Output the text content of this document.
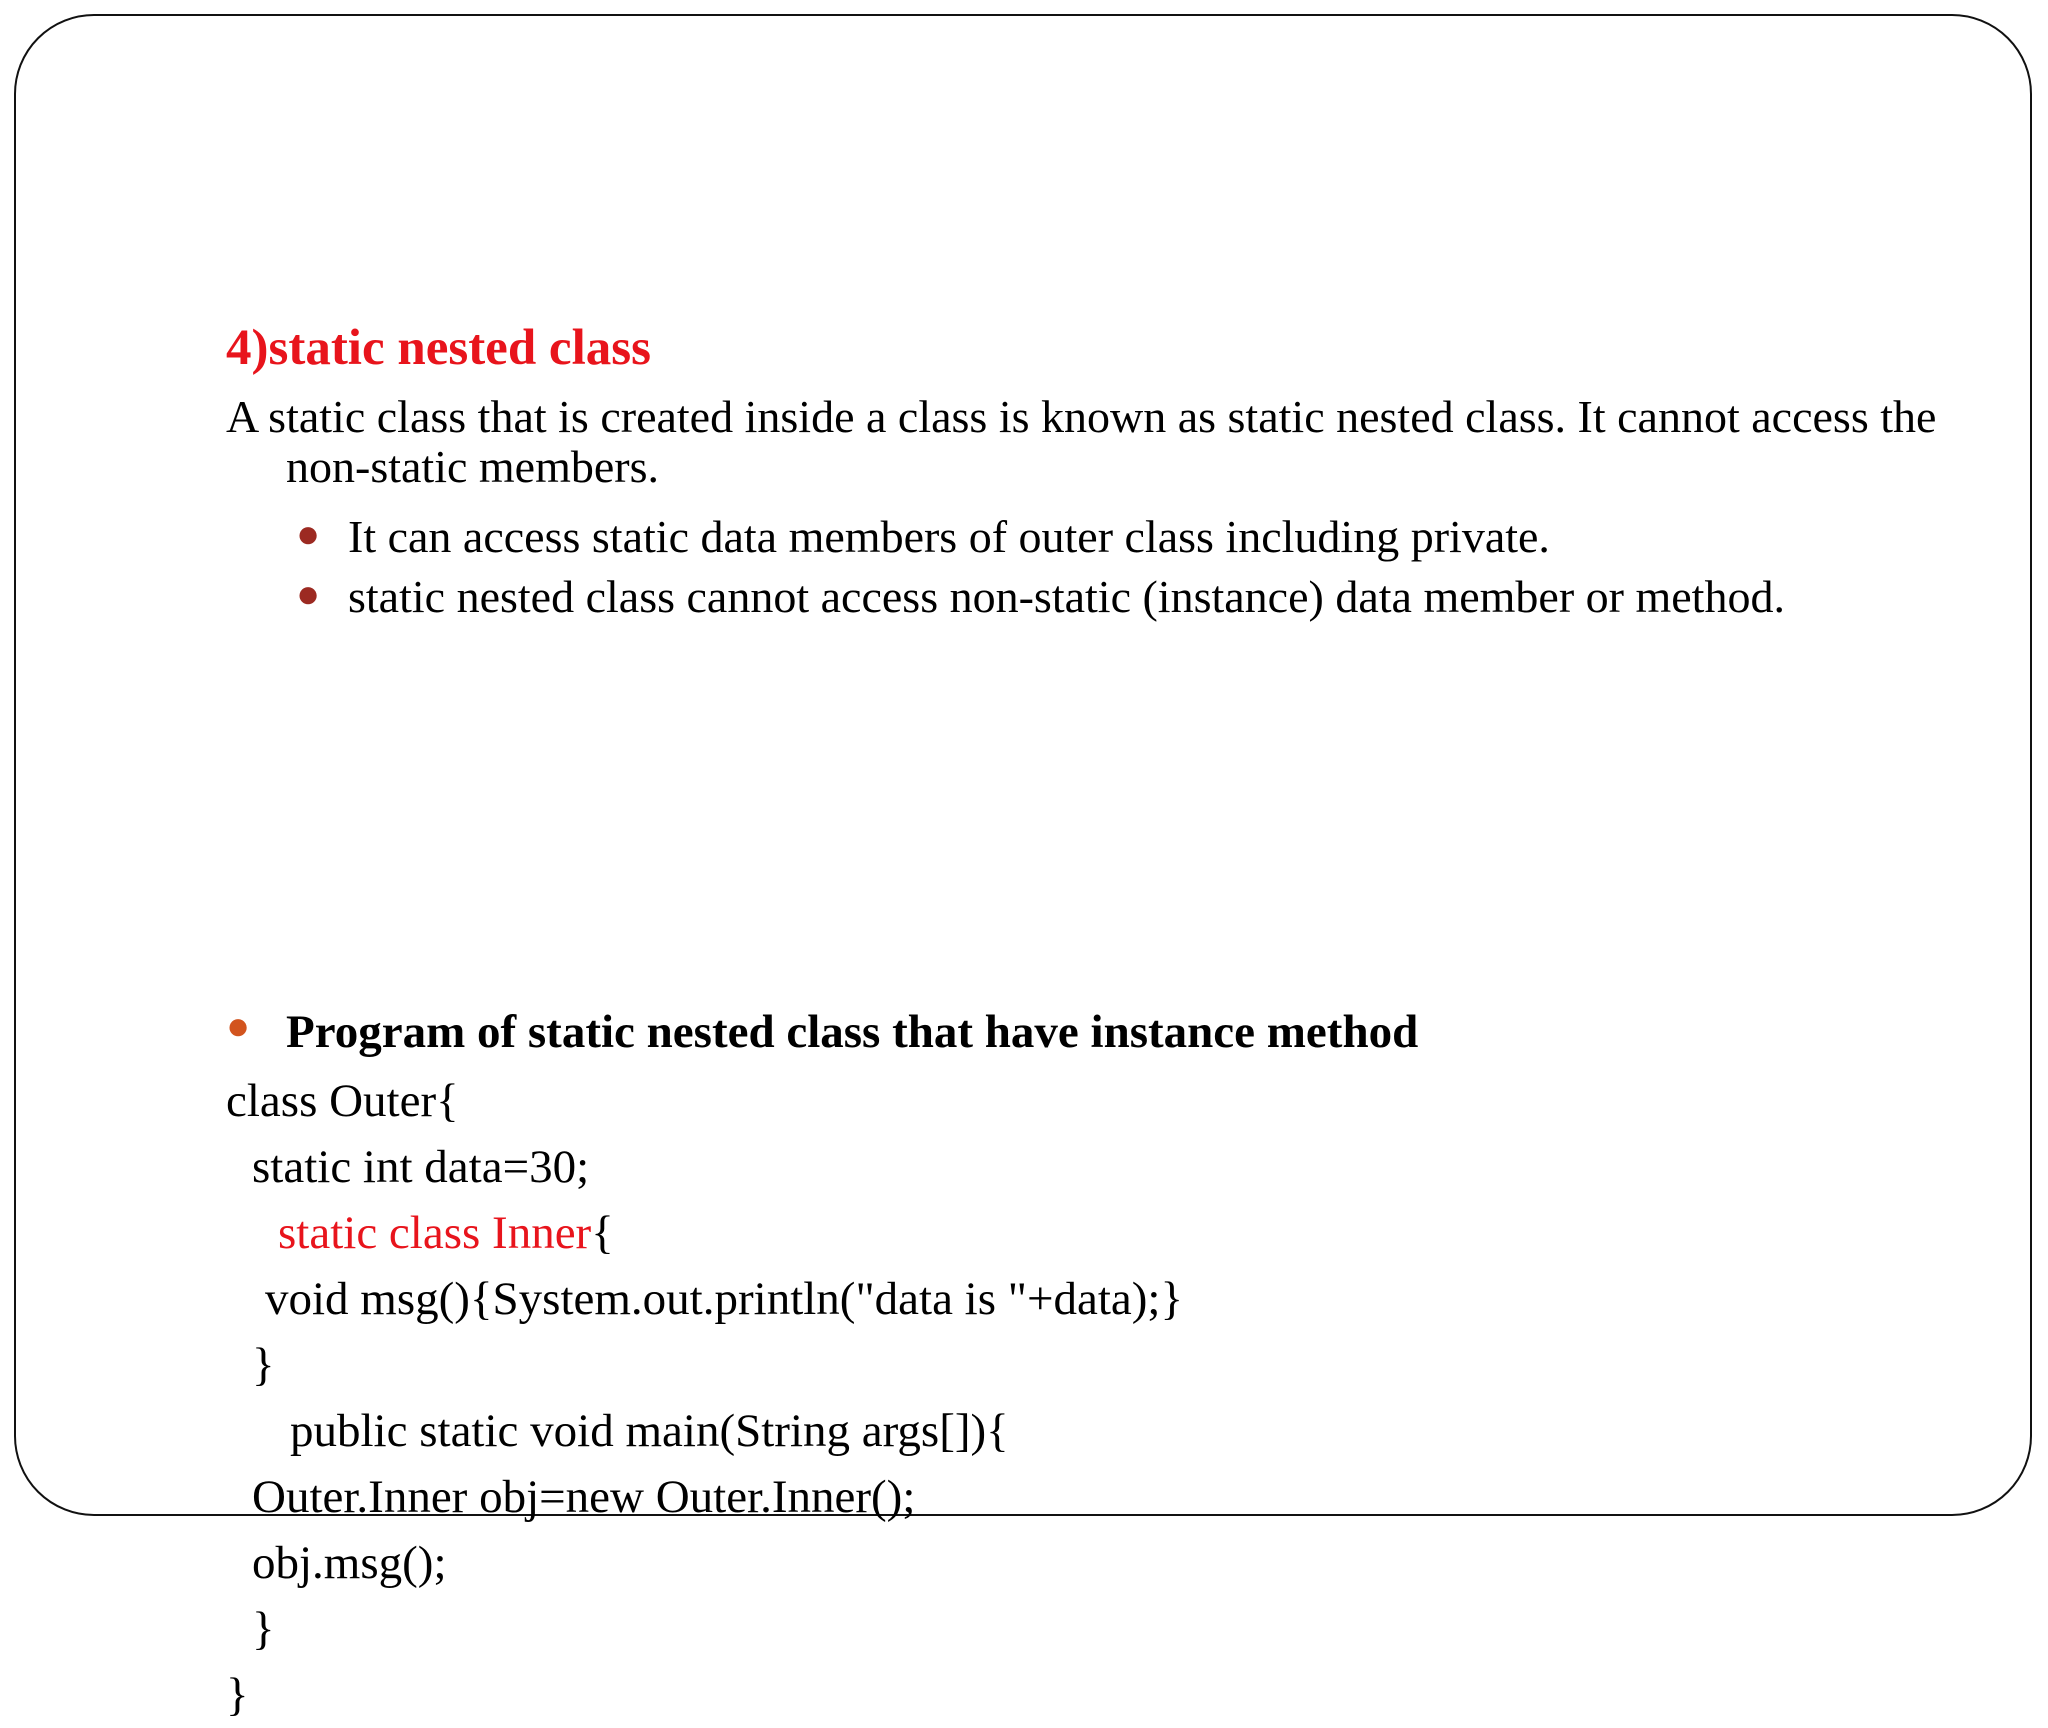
4)static nested class

A static class that is created inside a class is known as static nested class. It cannot access the non-static members.

● It can access static data members of outer class including private.
● static nested class cannot access non-static (instance) data member or method.
● Program of static nested class that have instance method
class Outer{
static int data=30;
static class Inner{
void msg(){System.out.println("data is "+data);}
}
public static void main(String args[]){
Outer.Inner obj=new Outer.Inner();
obj.msg();
}
}
